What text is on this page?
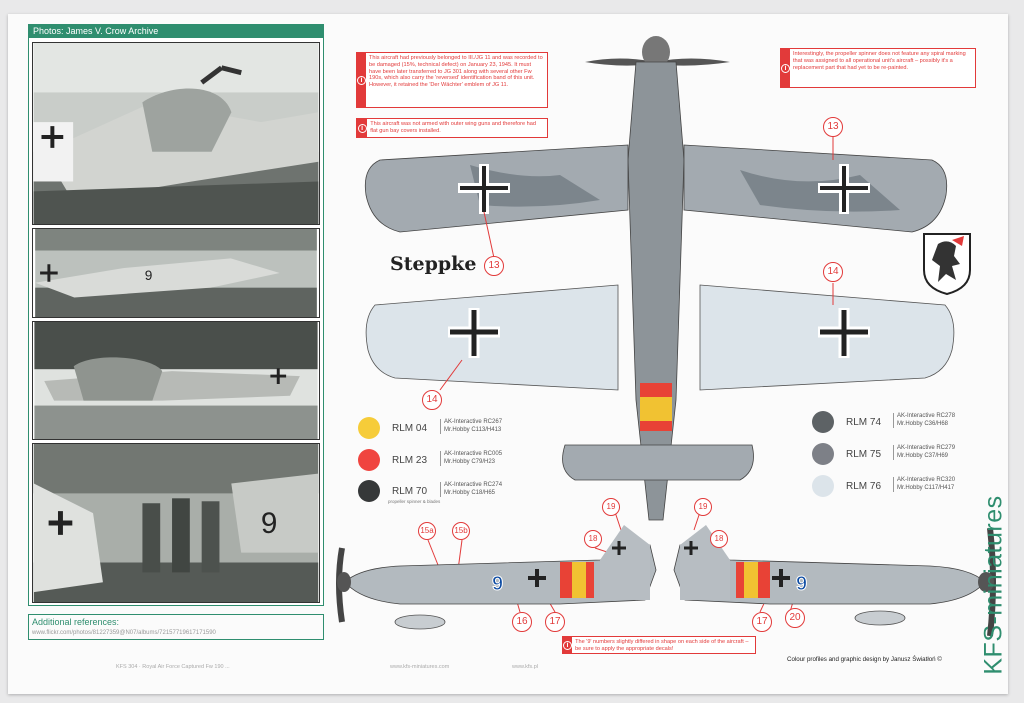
Photos: James V. Crow Archive
9
9
Additional references:
www.flickr.com/photos/81227359@N07/albums/72157719617171590
i
This aircraft had previously belonged to III./JG 11 and was recorded to be damaged (15%, technical defect) on January 23, 1945. It must have been later transferred to JG 301 along with several other Fw 190s, which also carry the 'reversed' identification band of this unit. However, it retained the 'Der Wächter' emblem of JG 11.
i
This aircraft was not armed with outer wing guns and therefore had flat gun bay covers installed.
i
Interestingly, the propeller spinner does not feature any spiral marking that was assigned to all operational unit's aircraft – possibly it's a replacement part that had yet to be re-painted.
i	The '9' numbers slightly differed in shape on each side of the aircraft – be sure to apply the appropriate decals!
9	9
13
13
14
14
15a	15b
16	17
18
19	19
18
17	20
RLM 04
AK-Interactive RC267
Mr.Hobby C113/H413
RLM 23
AK-Interactive RC005
Mr.Hobby C79/H23
RLM 70
propeller spinner & blades
AK-Interactive RC274
Mr.Hobby C18/H65
RLM 74
AK-Interactive RC278
Mr.Hobby C36/H68
RLM 75
AK-Interactive RC279
Mr.Hobby C37/H69
RLM 76
AK-Interactive RC320
Mr.Hobby C117/H417
Steppke
KFS 304 · Royal Air Force Captured Fw 190 ...	www.kfs-miniatures.com	www.kfs.pl
Colour profiles and graphic design by Janusz Światłoń © KFS-miniatures
